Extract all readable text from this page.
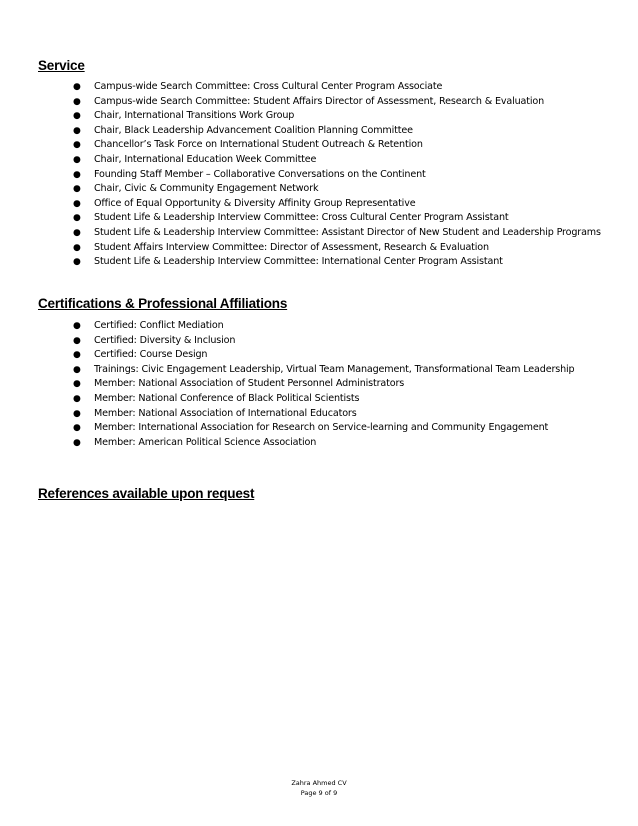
Service
● Campus-wide Search Committee: Cross Cultural Center Program Associate
● Campus-wide Search Committee: Student Affairs Director of Assessment, Research & Evaluation
● Chair, International Transitions Work Group
● Chair, Black Leadership Advancement Coalition Planning Committee
● Chancellor’s Task Force on International Student Outreach & Retention
● Chair, International Education Week Committee
● Founding Staff Member – Collaborative Conversations on the Continent
● Chair, Civic & Community Engagement Network
● Office of Equal Opportunity & Diversity Affinity Group Representative
● Student Life & Leadership Interview Committee: Cross Cultural Center Program Assistant
● Student Life & Leadership Interview Committee: Assistant Director of New Student and Leadership Programs
● Student Affairs Interview Committee: Director of Assessment, Research & Evaluation
● Student Life & Leadership Interview Committee: International Center Program Assistant
Certifications & Professional Affiliations
● Certified: Conflict Mediation
● Certified: Diversity & Inclusion
● Certified: Course Design
● Trainings: Civic Engagement Leadership, Virtual Team Management, Transformational Team Leadership
● Member: National Association of Student Personnel Administrators
● Member: National Conference of Black Political Scientists
● Member: National Association of International Educators
● Member: International Association for Research on Service-learning and Community Engagement
● Member: American Political Science Association
References available upon request
Zahra Ahmed CV
Page 9 of 9
